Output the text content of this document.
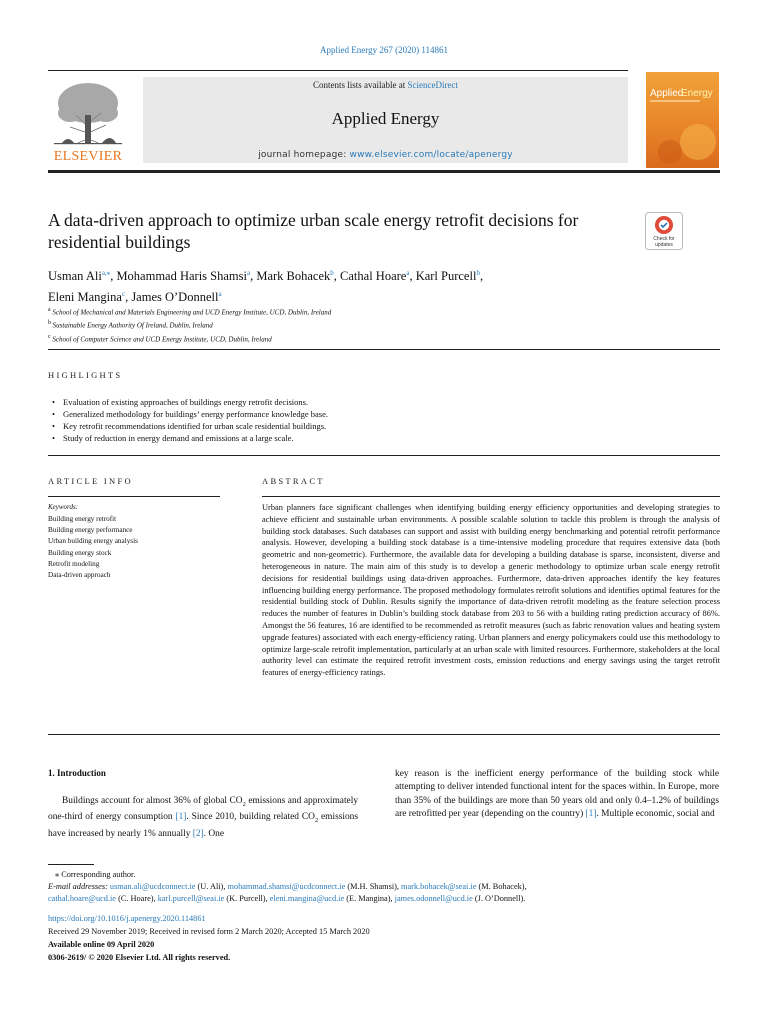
Applied Energy 267 (2020) 114861
ELSEVIER
Contents lists available at ScienceDirect
Applied Energy
journal homepage: www.elsevier.com/locate/apenergy
Applied
Energy
A data-driven approach to optimize urban scale energy retrofit decisions for residential buildings	Check for
updates
Usman Ali$^{a,⁎}$, Mohammad Haris Shamsi$^a$, Mark Bohacek$^b$, Cathal Hoare$^a$, Karl Purcell$^b$,
Eleni Mangina$^c$, James O’Donnell$^a$
$^a$ School of Mechanical and Materials Engineering and UCD Energy Institute, UCD, Dublin, Ireland
$^b$ Sustainable Energy Authority Of Ireland, Dublin, Ireland
$^c$ School of Computer Science and UCD Energy Institute, UCD, Dublin, Ireland
HIGHLIGHTS
• Evaluation of existing approaches of buildings energy retrofit decisions.
• Generalized methodology for buildings’ energy performance knowledge base.
• Key retrofit recommendations identified for urban scale residential buildings.
• Study of reduction in energy demand and emissions at a large scale.
ARTICLE INFO	ABSTRACT
Keywords:
Building energy retrofit
Building energy performance
Urban building energy analysis
Building energy stock
Retrofit modeling
Data-driven approach

Urban planners face significant challenges when identifying building energy efficiency opportunities and developing strategies to achieve efficient and sustainable urban environments. A possible scalable solution to tackle this problem is through the analysis of building stock databases. Such databases can support and assist with building energy benchmarking and potential retrofit performance analysis. However, developing a building stock database is a time-intensive modeling procedure that requires extensive data (both geometric and non-geometric). Furthermore, the available data for developing a building database is sparse, inconsistent, diverse and heterogeneous in nature. The main aim of this study is to develop a generic methodology to optimize urban scale energy retrofit decisions for residential buildings using data-driven approaches. Furthermore, data-driven approaches identify the key features influencing building energy performance. The proposed methodology formulates retrofit solutions and identifies optimal features for the residential building stock of Dublin. Results signify the importance of data-driven retrofit modeling as the feature selection process reduces the number of features in Dublin’s building stock database from 203 to 56 with a building rating prediction accuracy of 86%. Amongst the 56 features, 16 are identified to be recommended as retrofit measures (such as fabric renovation values and heating system upgrade features) associated with each energy-efficiency rating. Urban planners and energy policymakers could use this methodology to optimize large-scale retrofit implementation, particularly at an urban scale with limited resources. Furthermore, stakeholders at the local authority level can estimate the required retrofit investment costs, emission reductions and energy savings using the target retrofit features of energy-efficiency ratings.

1. Introduction

Buildings account for almost 36% of global $CO_2$ emissions and approximately one-third of energy consumption [1]. Since 2010, building related $CO_2$ emissions have increased by nearly 1% annually [2]. One

key reason is the inefficient energy performance of the building stock while attempting to deliver intended functional intent for the spaces within. In Europe, more than 35% of the buildings are more than 50 years old and only 0.4–1.2% of buildings are retrofitted per year (depending on the country) [1]. Multiple economic, social and

⁎ Corresponding author.
E-mail addresses: usman.ali@ucdconnect.ie (U. Ali), mohammad.shamsi@ucdconnect.ie (M.H. Shamsi), mark.bohacek@seai.ie (M. Bohacek),
cathal.hoare@ucd.ie (C. Hoare), karl.purcell@seai.ie (K. Purcell), eleni.mangina@ucd.ie (E. Mangina), james.odonnell@ucd.ie (J. O’Donnell).
https://doi.org/10.1016/j.apenergy.2020.114861
Received 29 November 2019; Received in revised form 2 March 2020; Accepted 15 March 2020
Available online 09 April 2020
0306-2619/ © 2020 Elsevier Ltd. All rights reserved.
